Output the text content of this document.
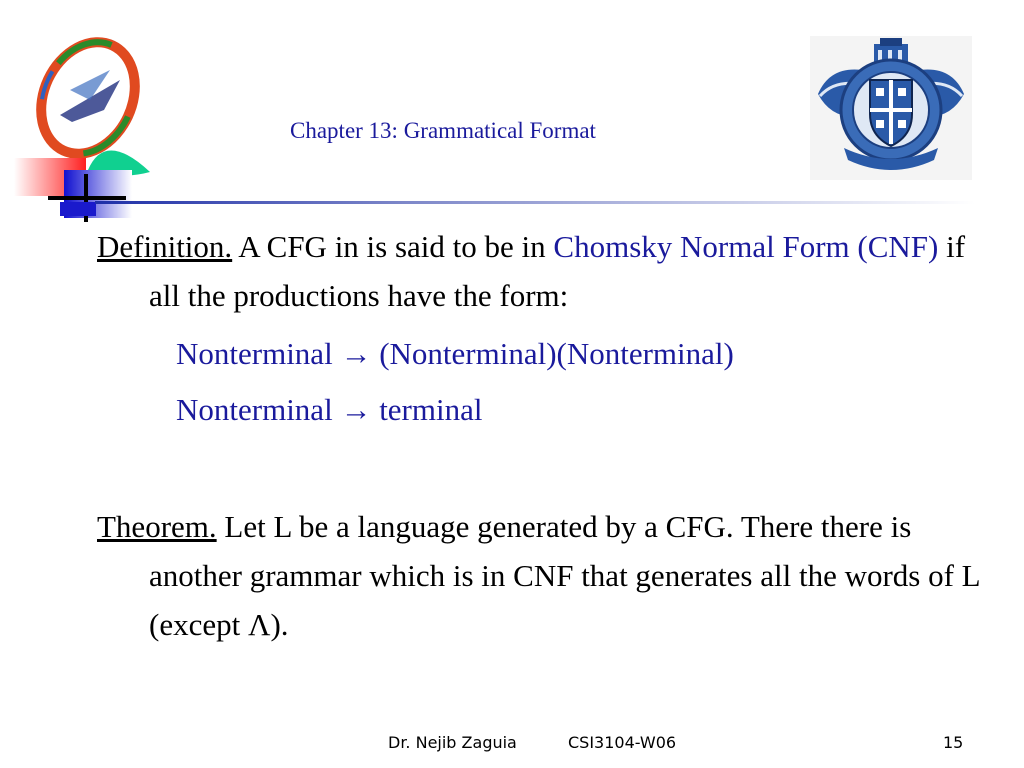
Chapter 13: Grammatical Format

Definition. A CFG in is said to be in Chomsky Normal Form (CNF) if all the productions have the form:

Nonterminal → (Nonterminal)(Nonterminal)
Nonterminal → terminal

Theorem. Let L be a language generated by a CFG. There there is another grammar which is in CNF that generates all the words of L (except Λ).

Dr. Nejib Zaguia	CSI3104-W06	15
